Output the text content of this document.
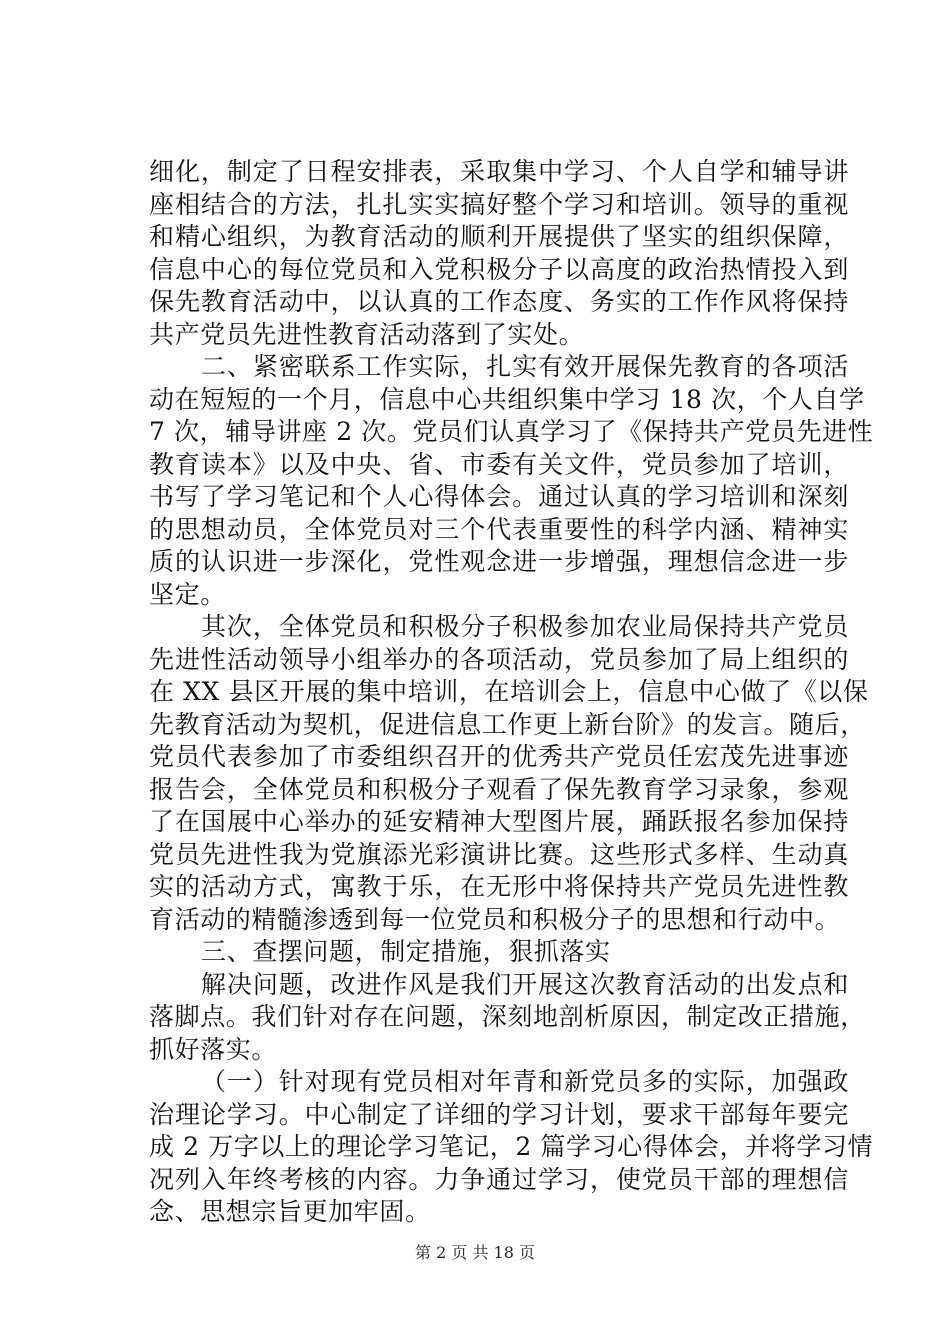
细化，制定了日程安排表，采取集中学习、个人自学和辅导讲
座相结合的方法，扎扎实实搞好整个学习和培训。领导的重视
和精心组织，为教育活动的顺利开展提供了坚实的组织保障，
信息中心的每位党员和入党积极分子以高度的政治热情投入到
保先教育活动中，以认真的工作态度、务实的工作作风将保持
共产党员先进性教育活动落到了实处。
二、紧密联系工作实际，扎实有效开展保先教育的各项活
动在短短的一个月，信息中心共组织集中学习 18 次，个人自学
7 次，辅导讲座 2 次。党员们认真学习了《保持共产党员先进性
教育读本》以及中央、省、市委有关文件，党员参加了培训，
书写了学习笔记和个人心得体会。通过认真的学习培训和深刻
的思想动员，全体党员对三个代表重要性的科学内涵、精神实
质的认识进一步深化，党性观念进一步增强，理想信念进一步
坚定。
其次，全体党员和积极分子积极参加农业局保持共产党员
先进性活动领导小组举办的各项活动，党员参加了局上组织的
在 XX 县区开展的集中培训，在培训会上，信息中心做了《以保
先教育活动为契机，促进信息工作更上新台阶》的发言。随后，
党员代表参加了市委组织召开的优秀共产党员任宏茂先进事迹
报告会，全体党员和积极分子观看了保先教育学习录象，参观
了在国展中心举办的延安精神大型图片展，踊跃报名参加保持
党员先进性我为党旗添光彩演讲比赛。这些形式多样、生动真
实的活动方式，寓教于乐，在无形中将保持共产党员先进性教
育活动的精髓渗透到每一位党员和积极分子的思想和行动中。
三、查摆问题，制定措施，狠抓落实
解决问题，改进作风是我们开展这次教育活动的出发点和
落脚点。我们针对存在问题，深刻地剖析原因，制定改正措施，
抓好落实。
（一）针对现有党员相对年青和新党员多的实际，加强政
治理论学习。中心制定了详细的学习计划，要求干部每年要完
成 2 万字以上的理论学习笔记，2 篇学习心得体会，并将学习情
况列入年终考核的内容。力争通过学习，使党员干部的理想信
念、思想宗旨更加牢固。
第 2 页 共 18 页
